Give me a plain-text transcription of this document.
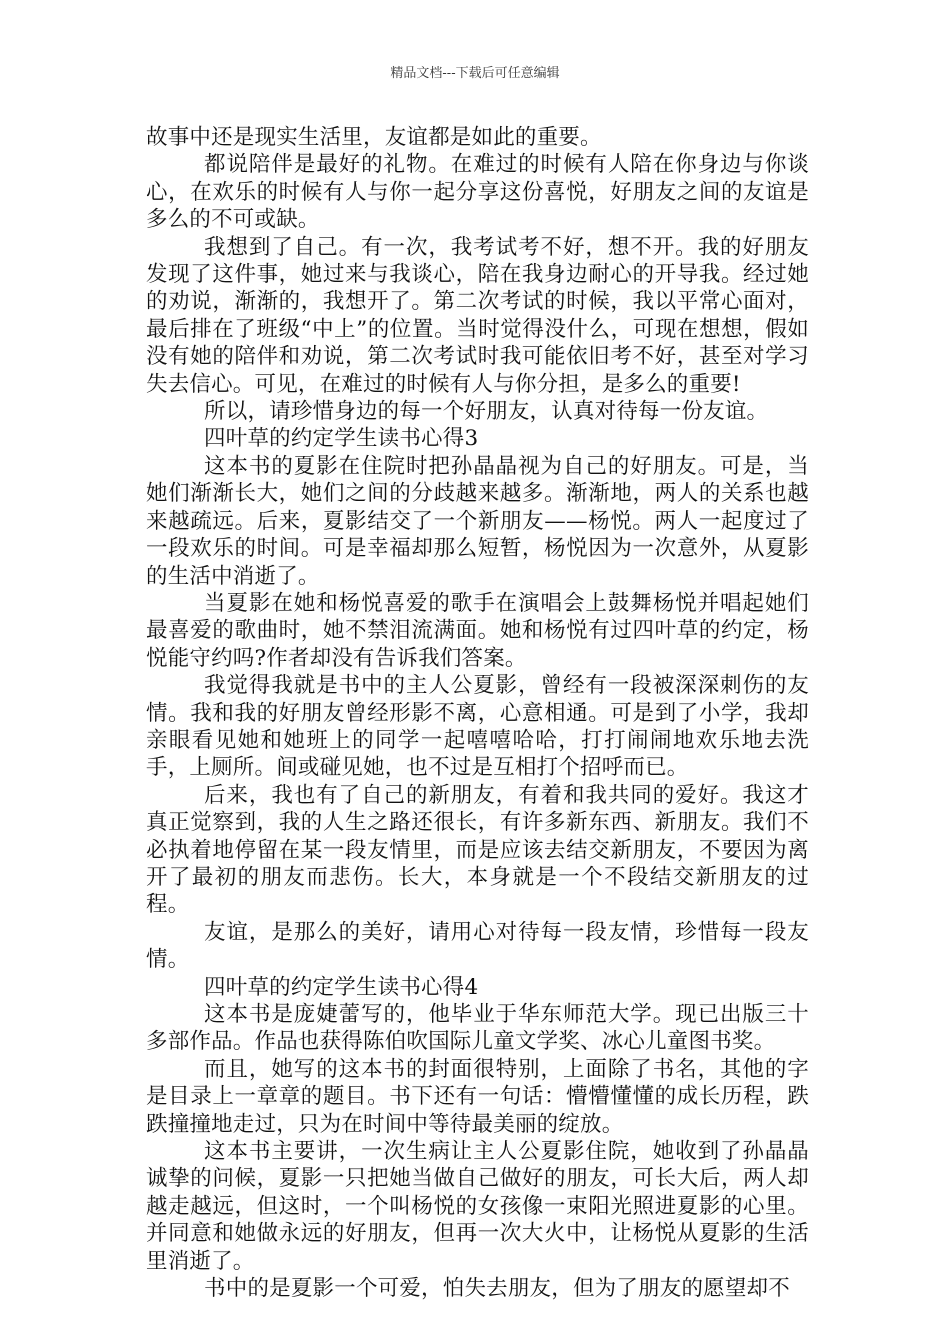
精品文档---下载后可任意编辑

故事中还是现实生活里，友谊都是如此的重要。

都说陪伴是最好的礼物。在难过的时候有人陪在你身边与你谈心，在欢乐的时候有人与你一起分享这份喜悦，好朋友之间的友谊是多么的不可或缺。

我想到了自己。有一次，我考试考不好，想不开。我的好朋友发现了这件事，她过来与我谈心，陪在我身边耐心的开导我。经过她的劝说，渐渐的，我想开了。第二次考试的时候，我以平常心面对，最后排在了班级“中上”的位置。当时觉得没什么，可现在想想，假如没有她的陪伴和劝说，第二次考试时我可能依旧考不好，甚至对学习失去信心。可见，在难过的时候有人与你分担，是多么的重要!

所以，请珍惜身边的每一个好朋友，认真对待每一份友谊。

四叶草的约定学生读书心得3

这本书的夏影在住院时把孙晶晶视为自己的好朋友。可是，当她们渐渐长大，她们之间的分歧越来越多。渐渐地，两人的关系也越来越疏远。后来，夏影结交了一个新朋友——杨悦。两人一起度过了一段欢乐的时间。可是幸福却那么短暂，杨悦因为一次意外，从夏影的生活中消逝了。

当夏影在她和杨悦喜爱的歌手在演唱会上鼓舞杨悦并唱起她们最喜爱的歌曲时，她不禁泪流满面。她和杨悦有过四叶草的约定，杨悦能守约吗?作者却没有告诉我们答案。

我觉得我就是书中的主人公夏影，曾经有一段被深深刺伤的友情。我和我的好朋友曾经形影不离，心意相通。可是到了小学，我却亲眼看见她和她班上的同学一起嘻嘻哈哈，打打闹闹地欢乐地去洗手，上厕所。间或碰见她，也不过是互相打个招呼而已。

后来，我也有了自己的新朋友，有着和我共同的爱好。我这才真正觉察到，我的人生之路还很长，有许多新东西、新朋友。我们不必执着地停留在某一段友情里，而是应该去结交新朋友，不要因为离开了最初的朋友而悲伤。长大，本身就是一个不段结交新朋友的过程。

友谊，是那么的美好，请用心对待每一段友情，珍惜每一段友情。

四叶草的约定学生读书心得4

这本书是庞婕蕾写的，他毕业于华东师范大学。现已出版三十多部作品。作品也获得陈伯吹国际儿童文学奖、冰心儿童图书奖。

而且，她写的这本书的封面很特别，上面除了书名，其他的字是目录上一章章的题目。书下还有一句话：懵懵懂懂的成长历程，跌跌撞撞地走过，只为在时间中等待最美丽的绽放。

这本书主要讲，一次生病让主人公夏影住院，她收到了孙晶晶诚挚的问候，夏影一只把她当做自己做好的朋友，可长大后，两人却越走越远，但这时，一个叫杨悦的女孩像一束阳光照进夏影的心里。并同意和她做永远的好朋友，但再一次大火中，让杨悦从夏影的生活里消逝了。

书中的是夏影一个可爱，怕失去朋友，但为了朋友的愿望却不
